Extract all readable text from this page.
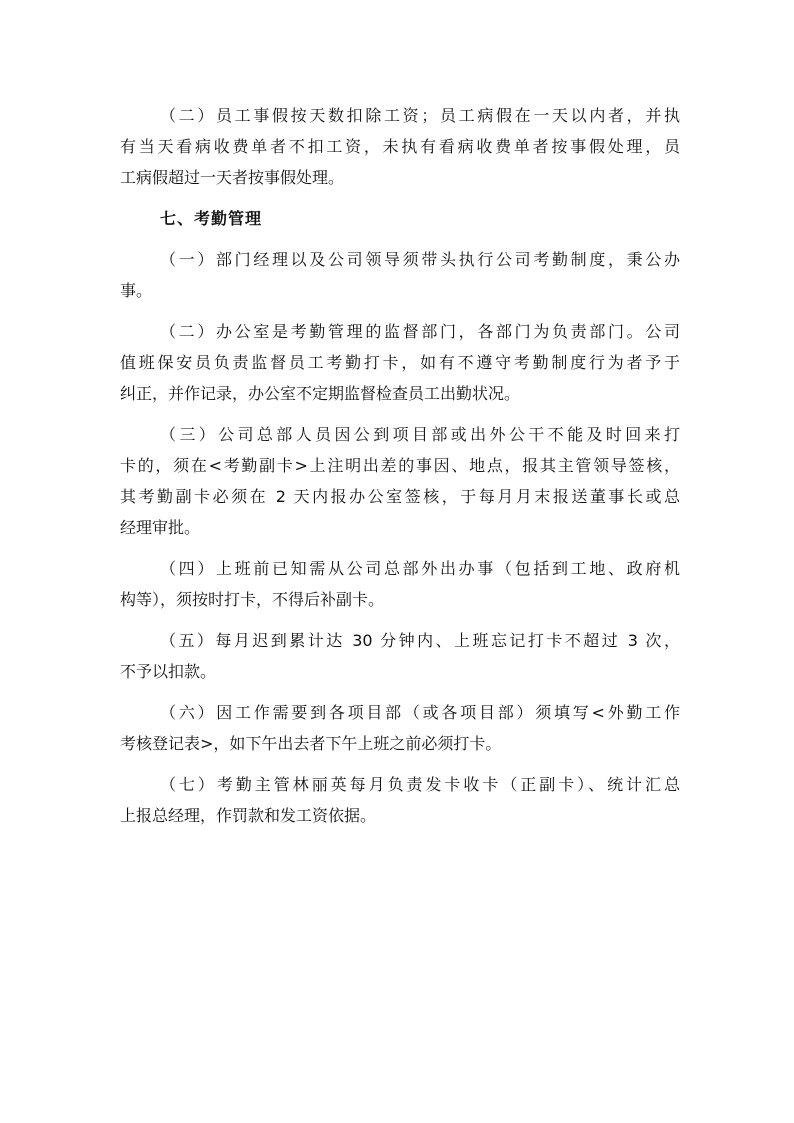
（二）员工事假按天数扣除工资；员工病假在一天以内者，并执
有当天看病收费单者不扣工资，未执有看病收费单者按事假处理，员
工病假超过一天者按事假处理。
七、考勤管理
（一）部门经理以及公司领导须带头执行公司考勤制度，秉公办
事。
（二）办公室是考勤管理的监督部门，各部门为负责部门。公司
值班保安员负责监督员工考勤打卡，如有不遵守考勤制度行为者予于
纠正，并作记录，办公室不定期监督检查员工出勤状况。
（三）公司总部人员因公到项目部或出外公干不能及时回来打
卡的，须在<考勤副卡>上注明出差的事因、地点，报其主管领导签核，
其考勤副卡必须在 2 天内报办公室签核，于每月月末报送董事长或总
经理审批。
（四）上班前已知需从公司总部外出办事（包括到工地、政府机
构等），须按时打卡，不得后补副卡。
（五）每月迟到累计达 30 分钟内、上班忘记打卡不超过 3 次，
不予以扣款。
（六）因工作需要到各项目部（或各项目部）须填写<外勤工作
考核登记表>，如下午出去者下午上班之前必须打卡。
（七）考勤主管林丽英每月负责发卡收卡（正副卡）、统计汇总
上报总经理，作罚款和发工资依据。
